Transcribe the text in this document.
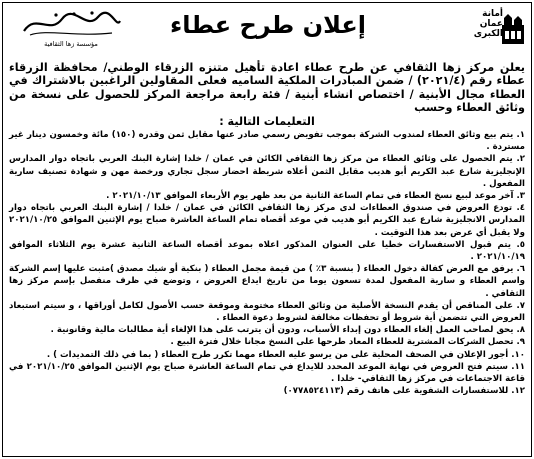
أمانة عمان الكبرى
إعلان طرح عطاء
مؤسسة زها الثقافية

يعلن مركز زها الثقافي عن طرح عطاء اعادة تأهيل متنزه الزرقاء الوطني/ محافظة الزرقاء عطاء رقم (٢٠٢١/٤) / ضمن المبادرات الملكية الساميه فعلى المقاولين الراغبين بالاشتراك في العطاء مجال الأبنية / اختصاص انشاء أبنية / فئة رابعة مراجعة المركز للحصول على نسخة من وثائق العطاء وحسب

التعليمات التالية :

١. يتم بيع وثائق العطاء لمندوب الشركة بموجب تفويض رسمي صادر عنها مقابل ثمن وقدره (١٥٠) مائة وخمسون دينار غير مستردة .
٢. يتم الحصول على وثائق العطاء من مركز زها الثقافي الكائن في عمان / خلدا إشارة البنك العربي باتجاه دوار المدارس الإنجليزية شارع عبد الكريم أبو هديب مقابل الثمن أعلاه شريطة احضار سجل تجاري ورخصة مهن و شهادة تصنيف سارية المفعول .
٣. آخر موعد لبيع نسخ العطاء في تمام الساعة الثانية من بعد ظهر يوم الأربعاء الموافق ٢٠٢١/١٠/١٣ .
٤. تودع العروض في صندوق العطاءات لدى مركز زها الثقافي الكائن في عمان / خلدا / إشارة البنك العربي باتجاه دوار المدارس الانجليزية شارع عبد الكريم أبو هديب في موعد أقصاه تمام الساعة العاشرة صباح يوم الإثنين الموافق ٢٠٢١/١٠/٢٥ ولا يقبل أي عرض بعد هذا التوقيت .
٥. يتم قبول الاستفسارات خطيا على العنوان المذكور اعلاه بموعد أقصاه الساعة الثانية عشرة يوم الثلاثاء الموافق ٢٠٢١/١٠/١٩ .
٦. يرفق مع العرض كفالة دخول العطاء ( بنسبة ٣٪ ) من قيمة مجمل العطاء ( بنكية أو شيك مصدق )مثبت عليها إسم الشركة واسم العطاء و سارية المفعول لمدة تسعون يوما من تاريخ ايداع العروض ، وتوضع في ظرف منفصل بإسم مركز زها الثقافي .
٧. على المناقص أن يقدم النسخة الأصلية من وثائق العطاء مختومة وموقعة حسب الأصول لكامل أوراقها ، و سيتم استبعاد العروض التي تتضمن أية شروط أو تحفظات مخالفة لشروط دعوة العطاء .
٨. يحق لصاحب العمل إلغاء العطاء دون إبداء الأسباب، ودون أن يترتب على هذا الإلغاء أية مطالبات مالية وقانونية .
٩. تحصل الشركات المشترية للعطاء المعاد طرحها على النسخ مجانا خلال فترة البيع .
١٠. أجور الإعلان في الصحف المحلية على من يرسو عليه العطاء مهما تكرر طرح العطاء ( بما في ذلك التمديدات ) .
١١. سيتم فتح العروض في نهاية الموعد المحدد للايداع في تمام الساعة العاشرة صباح يوم الإثنين الموافق ٢٠٢١/١٠/٢٥ في قاعة الاجتماعات في مركز زها الثقافي- خلدا .
١٢. للاستفسارات الشفوية على هاتف رقم (٠٧٧٨٥٢٤١١٣)
